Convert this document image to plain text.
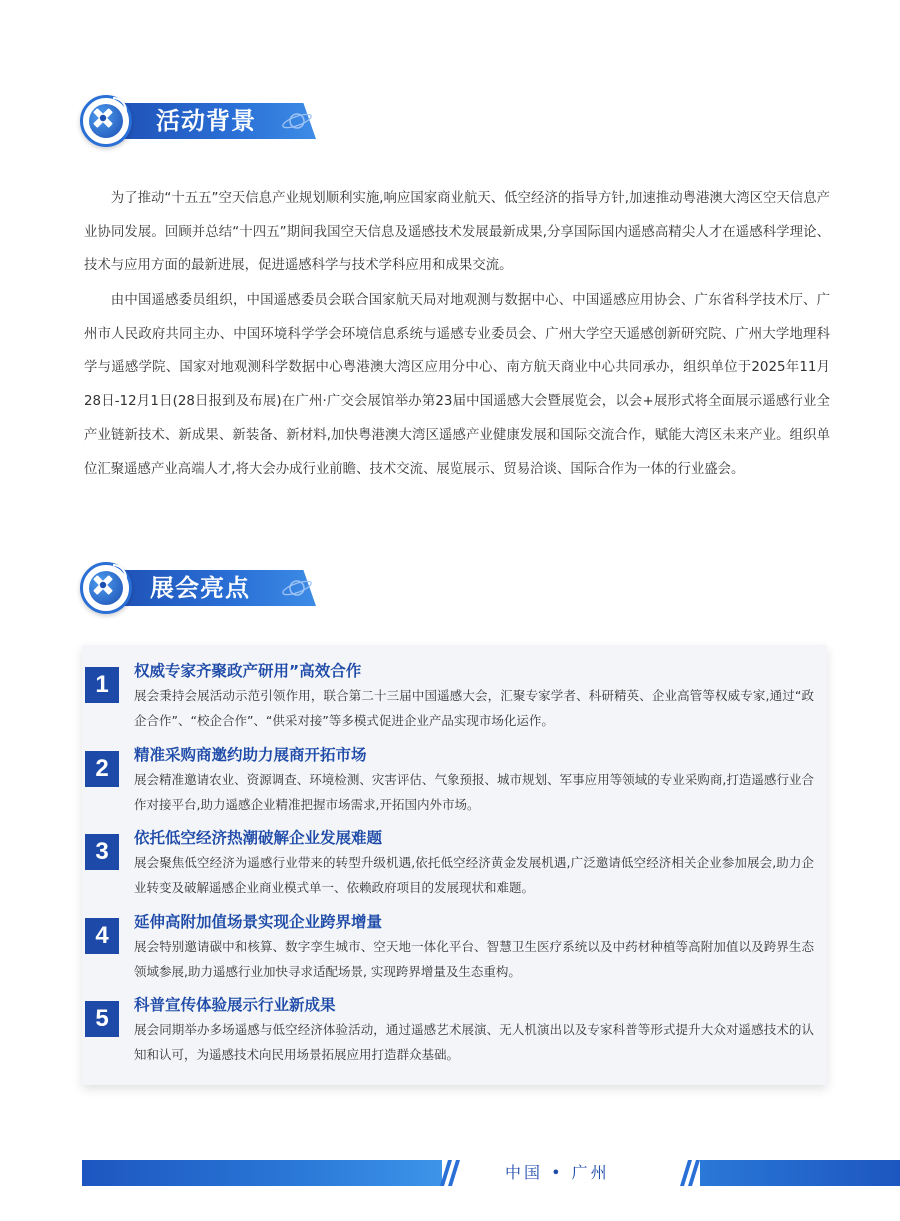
活动背景

为了推动“十五五”空天信息产业规划顺利实施,响应国家商业航天、低空经济的指导方针,加速推动粤港澳大湾区空天信息产业协同发展。回顾并总结“十四五”期间我国空天信息及遥感技术发展最新成果,分享国际国内遥感高精尖人才在遥感科学理论、技术与应用方面的最新进展，促进遥感科学与技术学科应用和成果交流。

由中国遥感委员组织，中国遥感委员会联合国家航天局对地观测与数据中心、中国遥感应用协会、广东省科学技术厅、广州市人民政府共同主办、中国环境科学学会环境信息系统与遥感专业委员会、广州大学空天遥感创新研究院、广州大学地理科学与遥感学院、国家对地观测科学数据中心粤港澳大湾区应用分中心、南方航天商业中心共同承办，组织单位于2025年11月28日-12月1日(28日报到及布展)在广州·广交会展馆举办第23届中国遥感大会暨展览会，以会+展形式将全面展示遥感行业全产业链新技术、新成果、新装备、新材料,加快粤港澳大湾区遥感产业健康发展和国际交流合作，赋能大湾区未来产业。组织单位汇聚遥感产业高端人才,将大会办成行业前瞻、技术交流、展览展示、贸易洽谈、国际合作为一体的行业盛会。

展会亮点
1	权威专家齐聚政产研用”高效合作

展会秉持会展活动示范引领作用，联合第二十三届中国遥感大会，汇聚专家学者、科研精英、企业高管等权威专家,通过“政企合作”、“校企合作”、“供采对接”等多模式促进企业产品实现市场化运作。

2	精准采购商邀约助力展商开拓市场

展会精准邀请农业、资源调查、环境检测、灾害评估、气象预报、城市规划、军事应用等领域的专业采购商,打造遥感行业合作对接平台,助力遥感企业精准把握市场需求,开拓国内外市场。

3	依托低空经济热潮破解企业发展难题

展会聚焦低空经济为遥感行业带来的转型升级机遇,依托低空经济黄金发展机遇,广泛邀请低空经济相关企业参加展会,助力企业转变及破解遥感企业商业模式单一、依赖政府项目的发展现状和难题。

4	延伸高附加值场景实现企业跨界增量

展会特别邀请碳中和核算、数字孪生城市、空天地一体化平台、智慧卫生医疗系统以及中药材种植等高附加值以及跨界生态领域参展,助力遥感行业加快寻求适配场景, 实现跨界增量及生态重构。

5	科普宣传体验展示行业新成果

展会同期举办多场遥感与低空经济体验活动，通过遥感艺术展演、无人机演出以及专家科普等形式提升大众对遥感技术的认知和认可，为遥感技术向民用场景拓展应用打造群众基础。

中国 • 广州
